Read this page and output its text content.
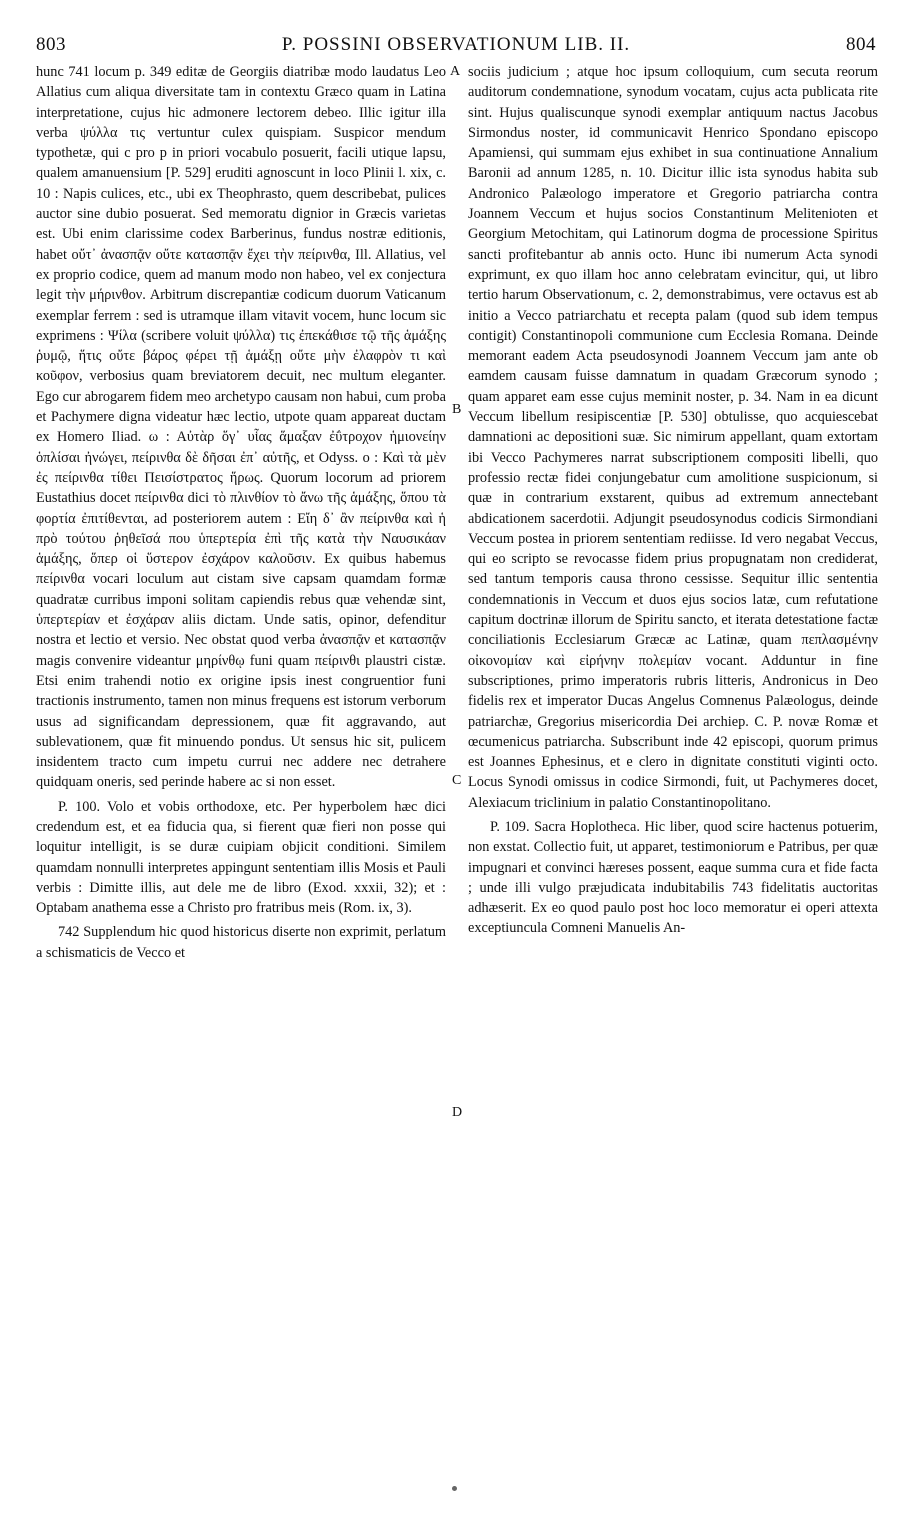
803	P. POSSINI OBSERVATIONUM LIB. II.	804

hunc 741 locum p. 349 editæ de Georgiis diatribæ modo laudatus Leo Allatius cum aliqua diversitate tam in contextu Græco quam in Latina interpretatione, cujus hic admonere lectorem debeo. Illic igitur illa verba ψύλλα τις vertuntur culex quispiam. Suspicor mendum typothetæ, qui c pro p in priori vocabulo posuerit, facili utique lapsu, qualem amanuensium [P. 529] eruditi agnoscunt in loco Plinii l. xix, c. 10 : Napis culices, etc., ubi ex Theophrasto, quem describebat, pulices auctor sine dubio posuerat. Sed memoratu dignior in Græcis varietas est. Ubi enim clarissime codex Barberinus, fundus nostræ editionis, habet οὔτ᾽ ἀνασπᾷν οὔτε κατασπᾷν ἔχει τὴν πείρινθα, Ill. Allatius, vel ex proprio codice, quem ad manum modo non habeo, vel ex conjectura legit τὴν μήρινθον. Arbitrum discrepantiæ codicum duorum Vaticanum exemplar ferrem : sed is utramque illam vitavit vocem, hunc locum sic exprimens : Ψίλα (scribere voluit ψύλλα) τις ἐπεκάθισε τῷ τῆς ἁμάξης ῥυμῷ, ἥτις οὔτε βάρος φέρει τῇ ἁμάξῃ οὔτε μὴν ἐλαφρὸν τι καὶ κοῦφον, verbosius quam breviatorem decuit, nec multum eleganter. Ego cur abrogarem fidem meo archetypo causam non habui, cum proba et Pachymere digna videatur hæc lectio, utpote quam appareat ductam ex Homero Iliad. ω : Αὐτὰρ ὅγ᾽ υἷας ἅμαξαν ἐΰτροχον ἡμιονείην ὁπλίσαι ἠνώγει, πείρινθα δὲ δῆσαι ἐπ᾽ αὐτῆς, et Odyss. o : Καὶ τὰ μὲν ἐς πείρινθα τίθει Πεισίστρατος ἥρως. Quorum locorum ad priorem Eustathius docet πείρινθα dici τὸ πλινθίον τὸ ἄνω τῆς ἁμάξης, ὅπου τὰ φορτία ἐπιτίθενται, ad posteriorem autem : Εἴη δ᾽ ἂν πείρινθα καὶ ἡ πρὸ τούτου ῥηθεῖσά που ὑπερτερία ἐπὶ τῆς κατὰ τὴν Ναυσικάαν ἁμάξης, ὅπερ οἱ ὕστερον ἐσχάρον καλοῦσιν. Ex quibus habemus πείρινθα vocari loculum aut cistam sive capsam quamdam formæ quadratæ curribus imponi solitam capiendis rebus quæ vehendæ sint, ὑπερτερίαν et ἐσχάραν aliis dictam. Unde satis, opinor, defenditur nostra et lectio et versio. Nec obstat quod verba ἀνασπᾷν et κατασπᾷν magis convenire videantur μηρίνθῳ funi quam πείρινθι plaustri cistæ. Etsi enim trahendi notio ex origine ipsis inest congruentior funi tractionis instrumento, tamen non minus frequens est istorum verborum usus ad significandam depressionem, quæ fit aggravando, aut sublevationem, quæ fit minuendo pondus. Ut sensus hic sit, pulicem insidentem tracto cum impetu currui nec addere nec detrahere quidquam oneris, sed perinde habere ac si non esset.

P. 100. Volo et vobis orthodoxe, etc. Per hyperbolem hæc dici credendum est, et ea fiducia qua, si fierent quæ fieri non posse qui loquitur intelligit, is se duræ cuipiam objicit conditioni. Similem quamdam nonnulli interpretes appingunt sententiam illis Mosis et Pauli verbis : Dimitte illis, aut dele me de libro (Exod. xxxii, 32); et : Optabam anathema esse a Christo pro fratribus meis (Rom. ix, 3).

742 Supplendum hic quod historicus diserte non exprimit, perlatum a schismaticis de Vecco et

sociis judicium ; atque hoc ipsum colloquium, cum secuta reorum auditorum condemnatione, synodum vocatam, cujus acta publicata rite sint. Hujus qualiscunque synodi exemplar antiquum nactus Jacobus Sirmondus noster, id communicavit Henrico Spondano episcopo Apamiensi, qui summam ejus exhibet in sua continuatione Annalium Baronii ad annum 1285, n. 10. Dicitur illic ista synodus habita sub Andronico Palæologo imperatore et Gregorio patriarcha contra Joannem Veccum et hujus socios Constantinum Melitenioten et Georgium Metochitam, qui Latinorum dogma de processione Spiritus sancti profitebantur ab annis octo. Hunc ibi numerum Acta synodi exprimunt, ex quo illam hoc anno celebratam evincitur, qui, ut libro tertio harum Observationum, c. 2, demonstrabimus, vere octavus est ab initio a Vecco patriarchatu et recepta palam (quod sub idem tempus contigit) Constantinopoli communione cum Ecclesia Romana. Deinde memorant eadem Acta pseudosynodi Joannem Veccum jam ante ob eamdem causam fuisse damnatum in quadam Græcorum synodo ; quam apparet eam esse cujus meminit noster, p. 34. Nam in ea dicunt Veccum libellum resipiscentiæ [P. 530] obtulisse, quo acquiescebat damnationi ac depositioni suæ. Sic nimirum appellant, quam extortam ibi Vecco Pachymeres narrat subscriptionem compositi libelli, quo professio rectæ fidei conjungebatur cum amolitione suspicionum, si quæ in contrarium exstarent, quibus ad extremum annectebant abdicationem sacerdotii. Adjungit pseudosynodus codicis Sirmondiani Veccum postea in priorem sententiam rediisse. Id vero negabat Veccus, qui eo scripto se revocasse fidem prius propugnatam non crediderat, sed tantum temporis causa throno cessisse. Sequitur illic sententia condemnationis in Veccum et duos ejus socios latæ, cum refutatione capitum doctrinæ illorum de Spiritu sancto, et iterata detestatione factæ conciliationis Ecclesiarum Græcæ ac Latinæ, quam πεπλασμένην οἰκονομίαν καὶ εἰρήνην πολεμίαν vocant. Adduntur in fine subscriptiones, primo imperatoris rubris litteris, Andronicus in Deo fidelis rex et imperator Ducas Angelus Comnenus Palæologus, deinde patriarchæ, Gregorius misericordia Dei archiep. C. P. novæ Romæ et œcumenicus patriarcha. Subscribunt inde 42 episcopi, quorum primus est Joannes Ephesinus, et e clero in dignitate constituti viginti octo. Locus Synodi omissus in codice Sirmondi, fuit, ut Pachymeres docet, Alexiacum triclinium in palatio Constantinopolitano.

P. 109. Sacra Hoplotheca. Hic liber, quod scire hactenus potuerim, non exstat. Collectio fuit, ut apparet, testimoniorum e Patribus, per quæ impugnari et convinci hæreses possent, eaque summa cura et fide facta ; unde illi vulgo præjudicata indubitabilis 743 fidelitatis auctoritas adhæserit. Ex eo quod paulo post hoc loco memoratur ei operi attexta exceptiuncula Comneni Manuelis An-

A
B
C
D
